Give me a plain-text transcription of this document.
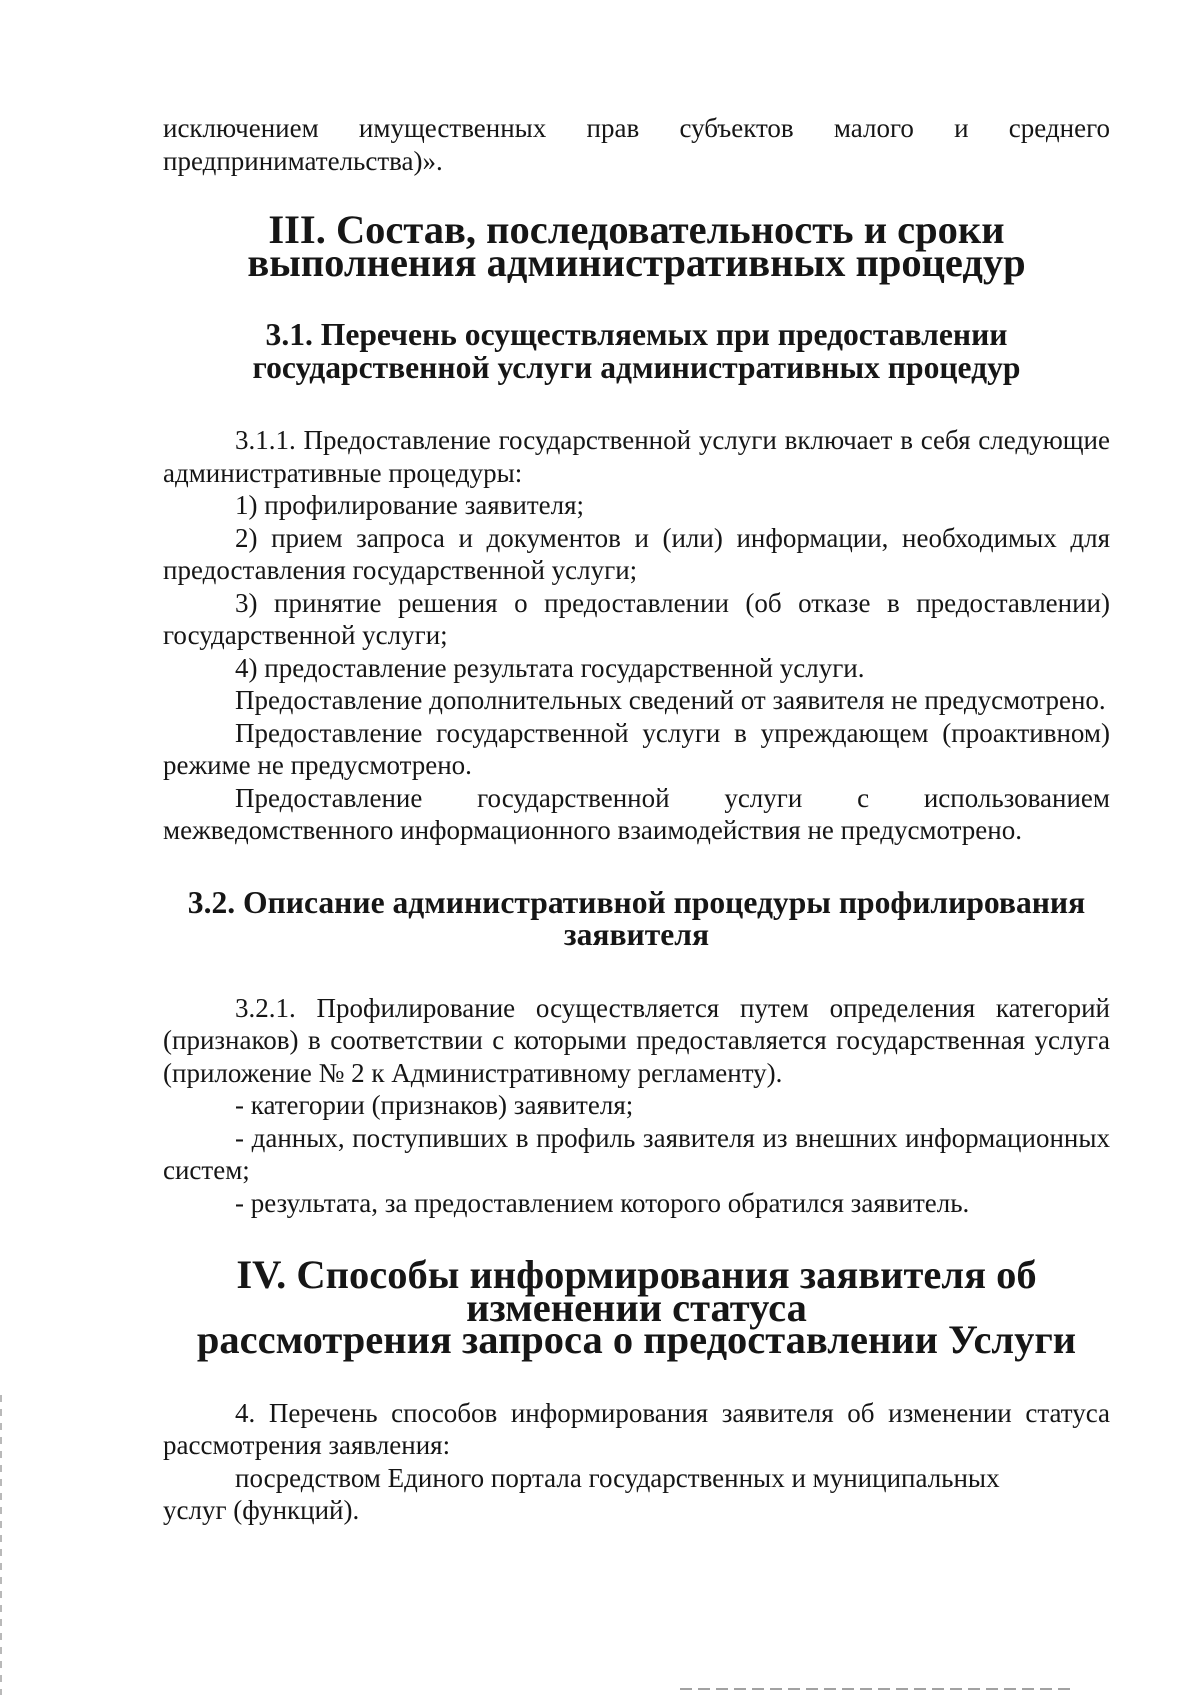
исключением имущественных прав субъектов малого и среднего

предпринимательства)».

III. Состав, последовательность и сроки
выполнения административных процедур
3.1. Перечень осуществляемых при предоставлении
государственной услуги административных процедур

3.1.1. Предоставление государственной услуги включает в себя следующие административные процедуры:

1) профилирование заявителя;

2) прием запроса и документов и (или) информации, необходимых для предоставления государственной услуги;

3) принятие решения о предоставлении (об отказе в предоставлении) государственной услуги;

4) предоставление результата государственной услуги.

Предоставление дополнительных сведений от заявителя не предусмотрено.

Предоставление государственной услуги в упреждающем (проактивном) режиме не предусмотрено.

Предоставление государственной услуги с использованием межведомственного информационного взаимодействия не предусмотрено.

3.2. Описание административной процедуры профилирования
заявителя

3.2.1. Профилирование осуществляется путем определения категорий (признаков) в соответствии с которыми предоставляется государственная услуга (приложение № 2 к Административному регламенту).

- категории (признаков) заявителя;

- данных, поступивших в профиль заявителя из внешних информационных систем;

- результата, за предоставлением которого обратился заявитель.

IV. Способы информирования заявителя об изменении статуса
рассмотрения запроса о предоставлении Услуги

4. Перечень способов информирования заявителя об изменении статуса рассмотрения заявления:

посредством Единого портала государственных и муниципальных

услуг (функций).
